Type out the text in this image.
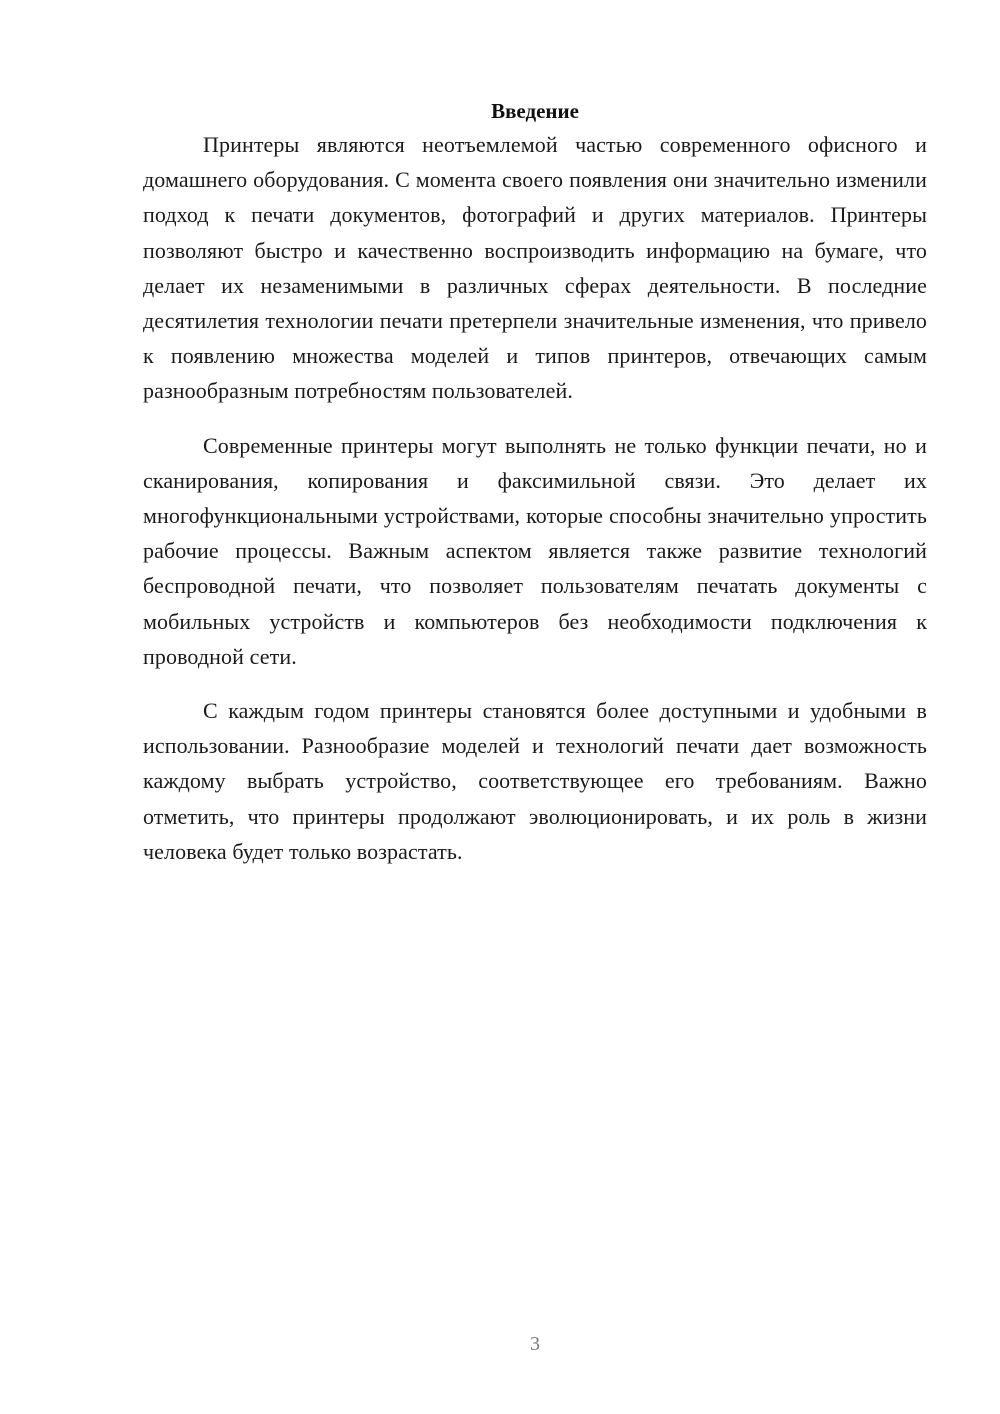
Введение

Принтеры являются неотъемлемой частью современного офисного и домашнего оборудования. С момента своего появления они значительно изменили подход к печати документов, фотографий и других материалов. Принтеры позволяют быстро и качественно воспроизводить информацию на бумаге, что делает их незаменимыми в различных сферах деятельности. В последние десятилетия технологии печати претерпели значительные изменения, что привело к появлению множества моделей и типов принтеров, отвечающих самым разнообразным потребностям пользователей.

Современные принтеры могут выполнять не только функции печати, но и сканирования, копирования и факсимильной связи. Это делает их многофункциональными устройствами, которые способны значительно упростить рабочие процессы. Важным аспектом является также развитие технологий беспроводной печати, что позволяет пользователям печатать документы с мобильных устройств и компьютеров без необходимости подключения к проводной сети.

С каждым годом принтеры становятся более доступными и удобными в использовании. Разнообразие моделей и технологий печати дает возможность каждому выбрать устройство, соответствующее его требованиям. Важно отметить, что принтеры продолжают эволюционировать, и их роль в жизни человека будет только возрастать.

3
